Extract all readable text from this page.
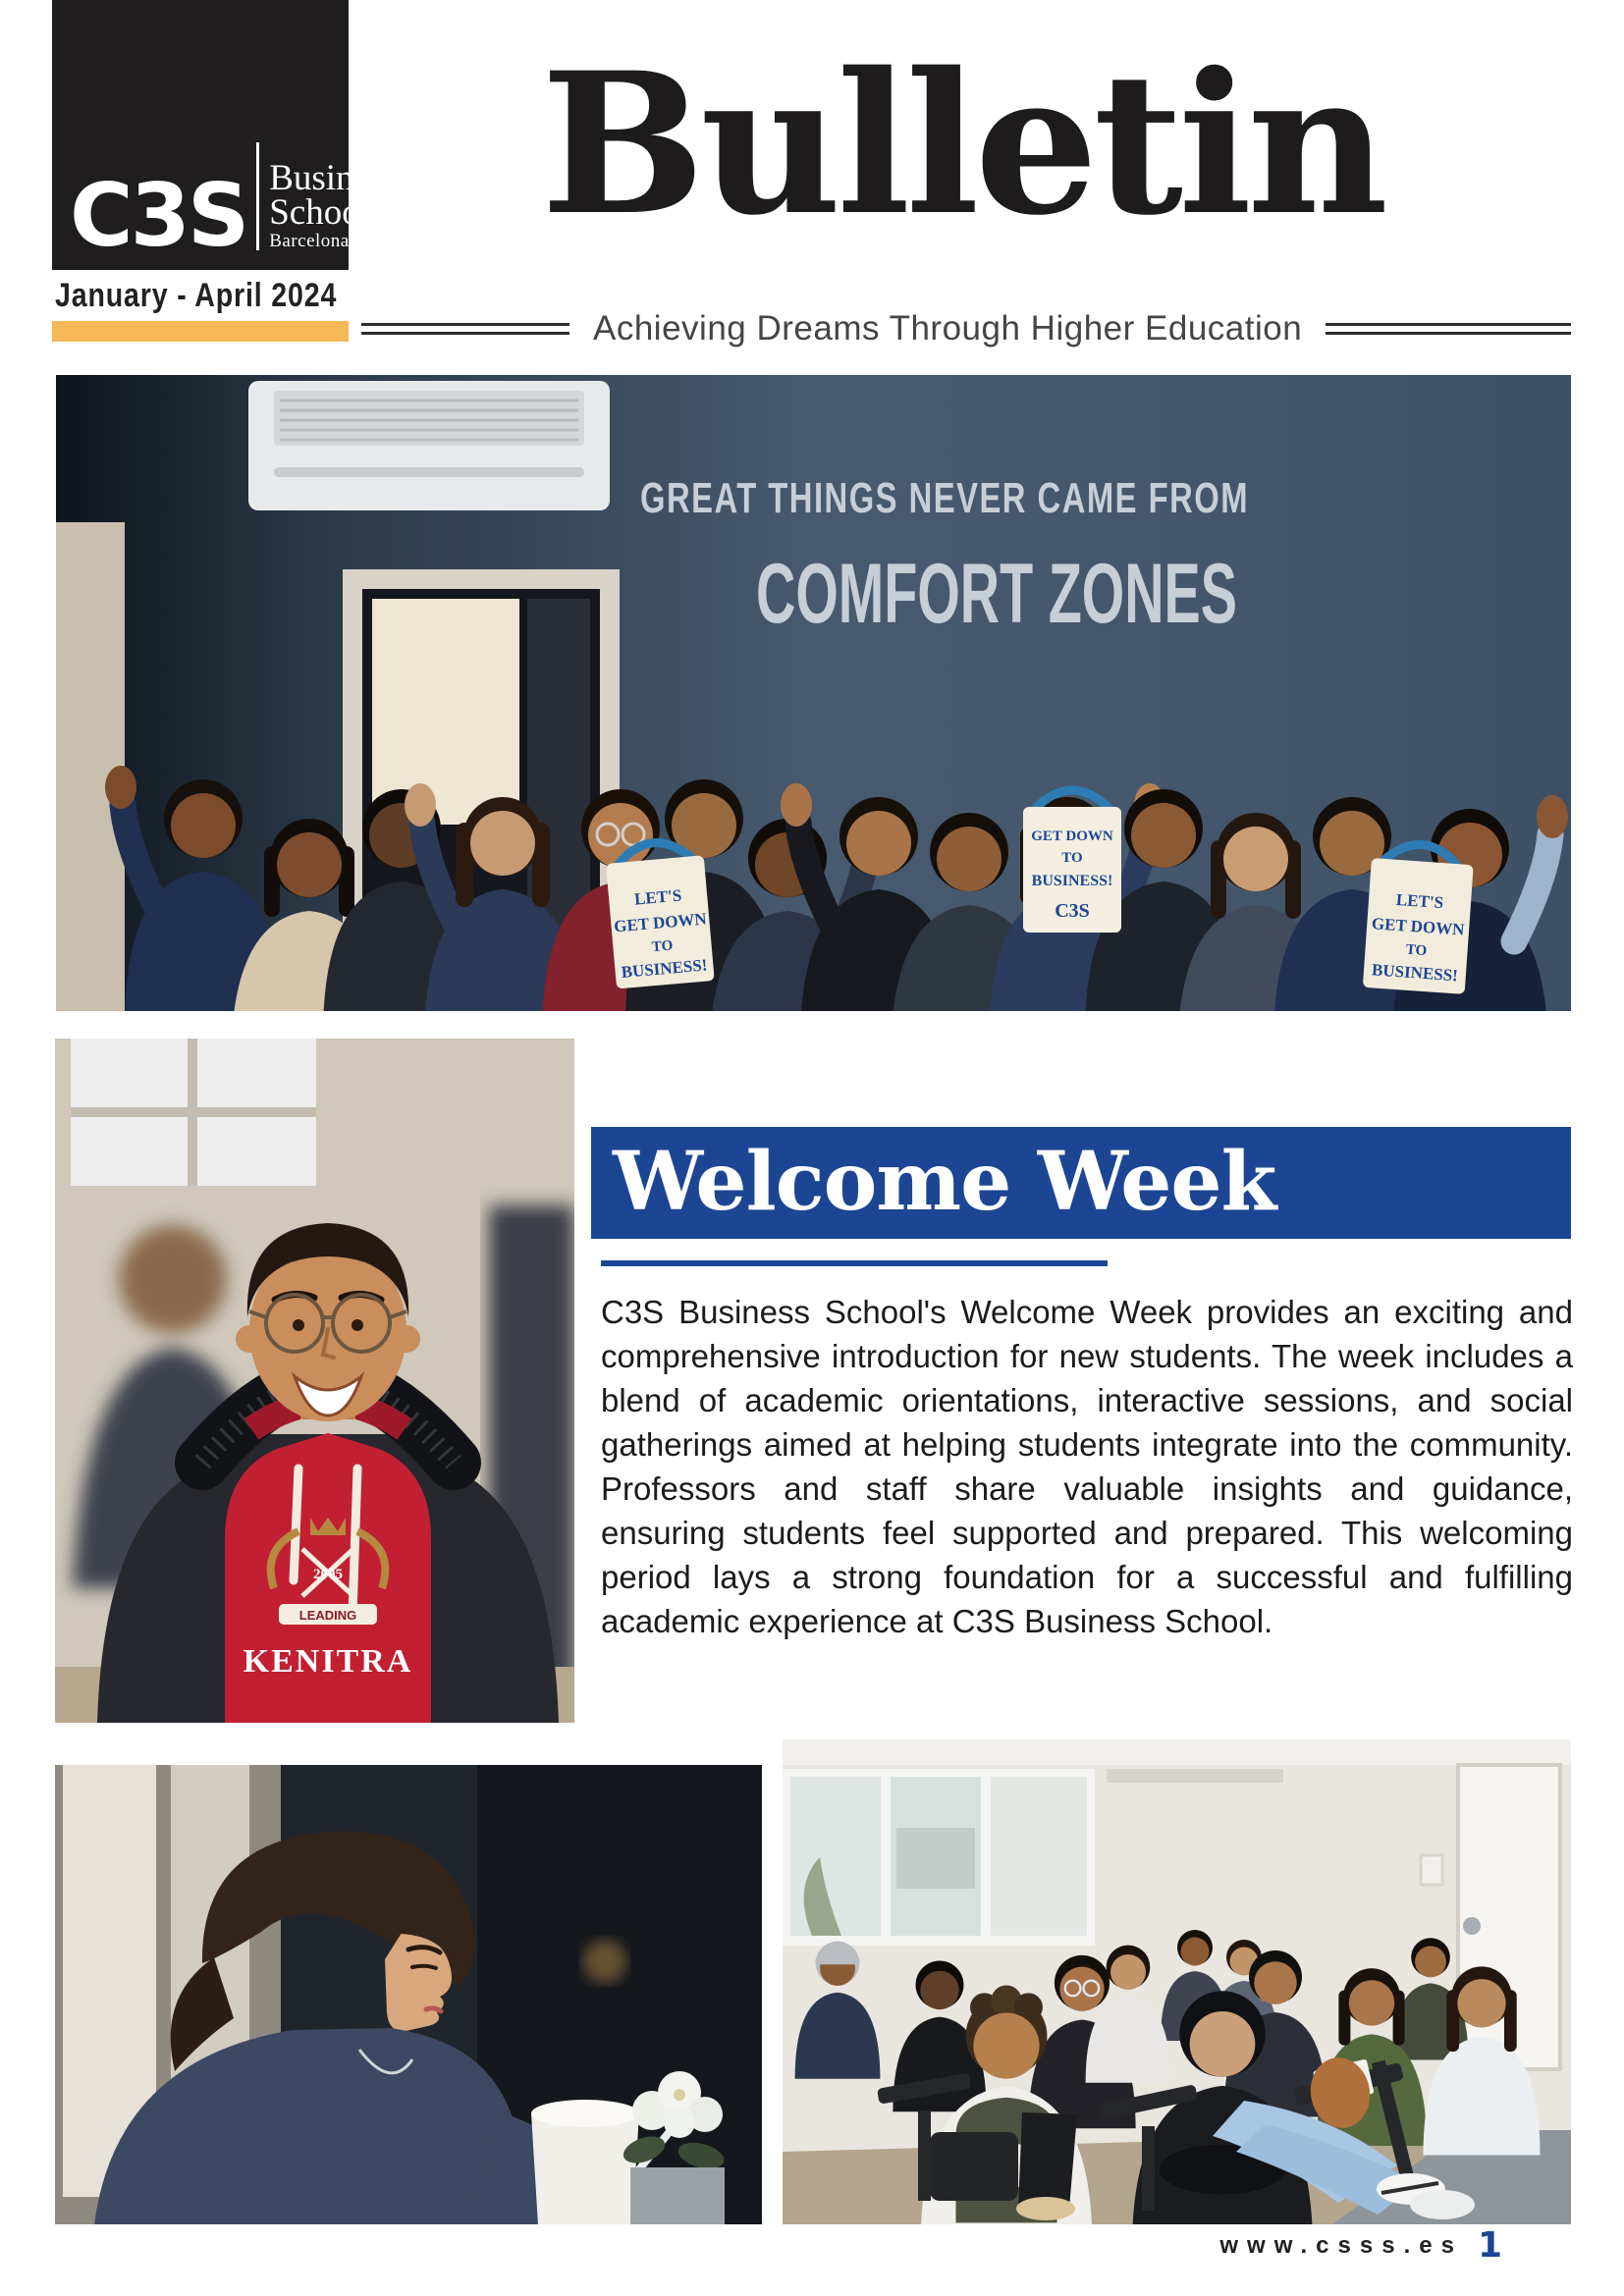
C3S Business
School
Barcelona
January - April 2024
Bulletin
Achieving Dreams Through Higher Education
GREAT THINGS NEVER CAME FROM
COMFORT ZONES
LET'S
GET DOWN
TO
BUSINESS!
GET DOWN
TO
BUSINESS!
C3S	LET'S
GET DOWN
TO
BUSINESS!
2005
LEADING
KENITRA
Welcome Week

C3S Business School's Welcome Week provides an exciting and comprehensive introduction for new students. The week includes a blend of academic orientations, interactive sessions, and social gatherings aimed at helping students integrate into the community. Professors and staff share valuable insights and guidance, ensuring students feel supported and prepared. This welcoming period lays a strong foundation for a successful and fulfilling academic experience at C3S Business School.

www.csss.es 1
